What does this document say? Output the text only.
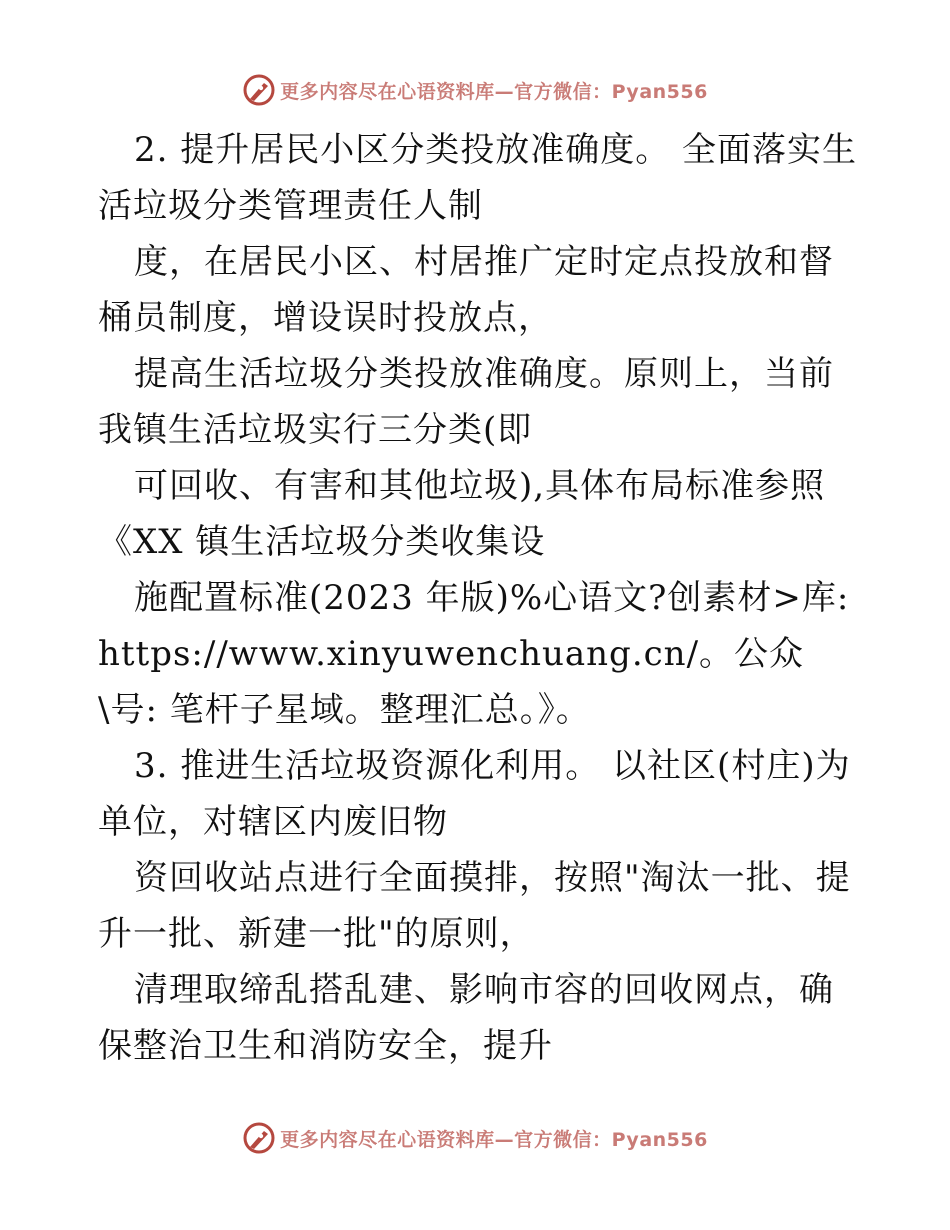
更多内容尽在心语资料库—官方微信：Pyan556

2. 提升居民小区分类投放准确度。 全面落实生活垃圾分类管理责任人制

度，在居民小区、村居推广定时定点投放和督桶员制度，增设误时投放点，

提高生活垃圾分类投放准确度。原则上，当前我镇生活垃圾实行三分类(即

可回收、有害和其他垃圾),具体布局标准参照《XX 镇生活垃圾分类收集设

施配置标准(2023 年版)%心语文?创素材>库: https://www.xinyuwenchuang.cn/。公众\号: 笔杆子星域。整理汇总。》。

3. 推进生活垃圾资源化利用。 以社区(村庄)为单位，对辖区内废旧物

资回收站点进行全面摸排，按照"淘汰一批、提升一批、新建一批"的原则，

清理取缔乱搭乱建、影响市容的回收网点，确保整治卫生和消防安全，提升

更多内容尽在心语资料库—官方微信：Pyan556
